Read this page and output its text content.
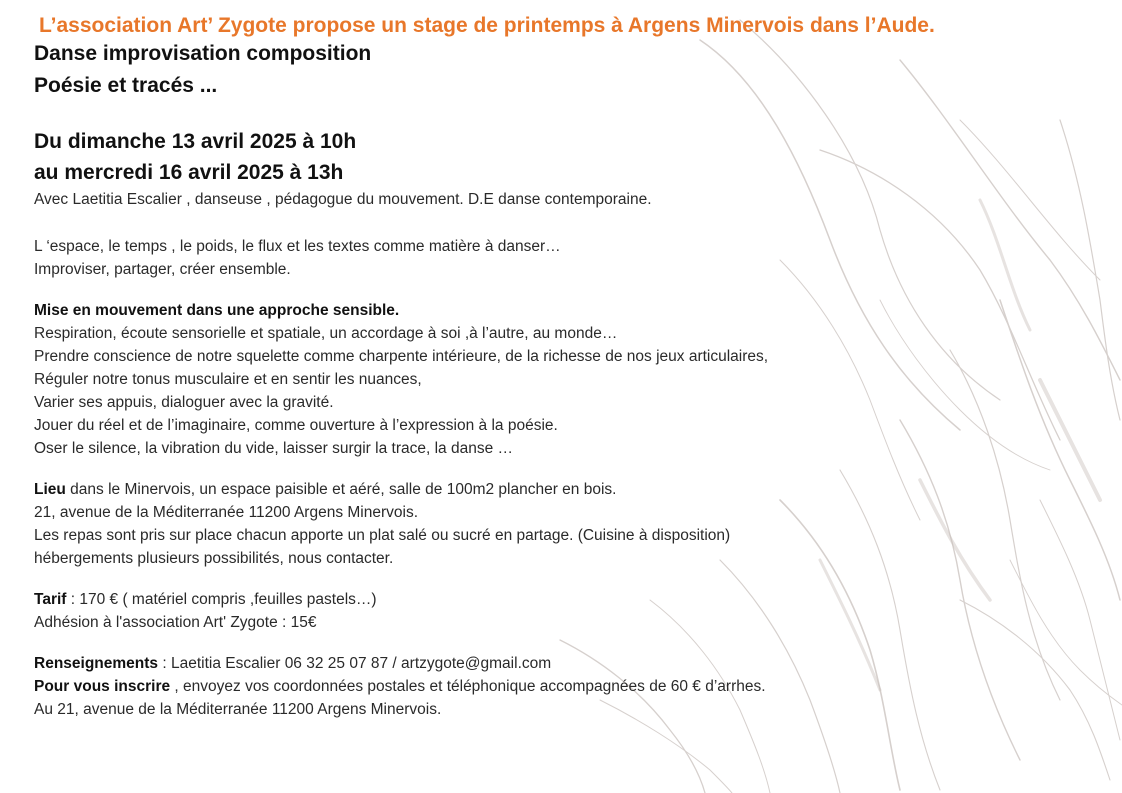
L’association Art’ Zygote propose un stage de printemps à Argens Minervois dans l’Aude.

Danse improvisation composition

Poésie et tracés ...

Du dimanche 13 avril 2025 à 10h

au mercredi 16 avril 2025 à 13h

Avec Laetitia Escalier , danseuse , pédagogue du mouvement. D.E danse contemporaine.

L ‘espace, le temps , le poids, le flux et les textes comme matière à danser…
Improviser, partager, créer ensemble.
Mise en mouvement dans une approche sensible.
Respiration, écoute sensorielle et spatiale, un accordage à soi ,à l’autre, au monde…
Prendre conscience de notre squelette comme charpente intérieure, de la richesse de nos jeux articulaires,
Réguler notre tonus musculaire et en sentir les nuances,
Varier ses appuis, dialoguer avec la gravité.
Jouer du réel et de l’imaginaire, comme ouverture à l’expression à la poésie.
Oser le silence, la vibration du vide, laisser surgir la trace, la danse …
Lieu dans le Minervois, un espace paisible et aéré, salle de 100m2 plancher en bois.
21, avenue de la Méditerranée 11200 Argens Minervois.
Les repas sont pris sur place chacun apporte un plat salé ou sucré en partage. (Cuisine à disposition)
hébergements plusieurs possibilités, nous contacter.
Tarif : 170 € ( matériel compris ,feuilles pastels…)
Adhésion à l'association Art' Zygote : 15€
Renseignements : Laetitia Escalier 06 32 25 07 87 / artzygote@gmail.com
Pour vous inscrire , envoyez vos coordonnées postales et téléphonique accompagnées de 60 € d’arrhes.
Au 21, avenue de la Méditerranée 11200 Argens Minervois.
